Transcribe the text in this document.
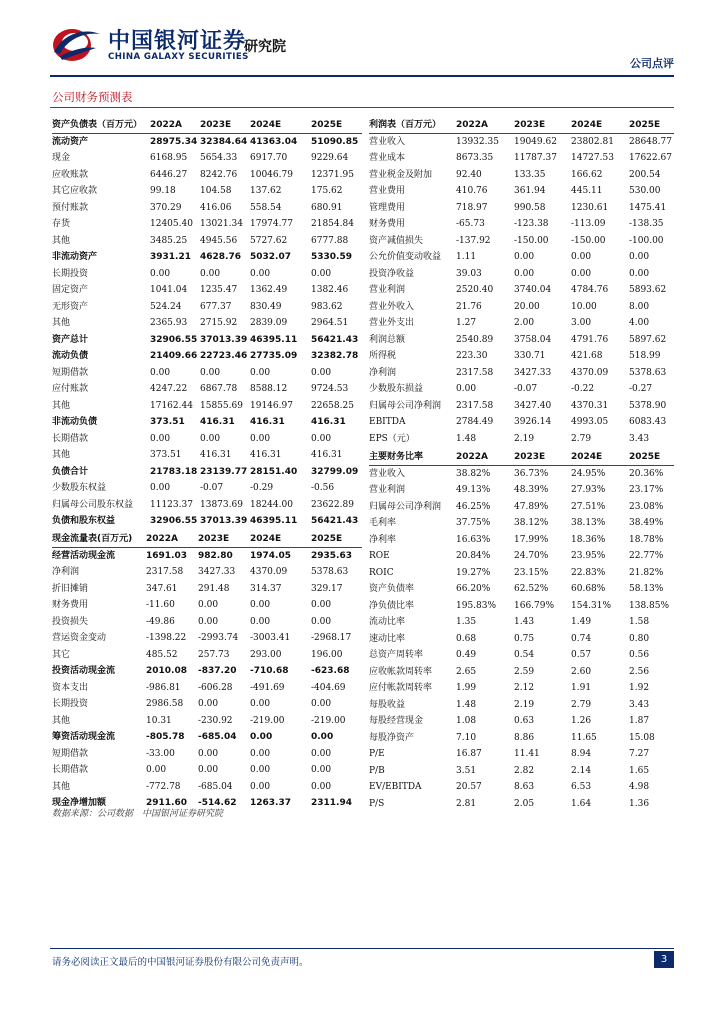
中国银河证券
CHINA GALAXY SECURITIES
研究院
公司点评
公司财务预测表
资产负债表（百万元） 2022A 2023E 2024E	2025E
流动资产	28975.34 32384.64 41363.04 51090.85
现金	6168.95 5654.33 6917.70	9229.64
应收账款	6446.27 8242.76 10046.79 12371.95
其它应收款	99.18	104.58 137.62	175.62
预付账款	370.29 416.06 558.54	680.91
存货	12405.40 13021.34 17974.77 21854.84
其他	3485.25 4945.56 5727.62	6777.88
非流动资产	3931.21 4628.76 5032.07 5330.59
长期投资	0.00	0.00	0.00	0.00
固定资产	1041.04 1235.47 1362.49	1382.46
无形资产	524.24 677.37 830.49	983.62
其他	2365.93 2715.92 2839.09	2964.51
资产总计	32906.55 37013.39 46395.11 56421.43
流动负债	21409.66 22723.46 27735.09 32382.78
短期借款	0.00	0.00	0.00	0.00
应付账款	4247.22 6867.78 8588.12	9724.53
其他	17162.44 15855.69 19146.97 22658.25
非流动负债	373.51 416.31 416.31	416.31
长期借款	0.00	0.00	0.00	0.00
其他	373.51 416.31 416.31	416.31
负债合计	21783.18 23139.77 28151.40 32799.09
少数股东权益	0.00	-0.07	-0.29	-0.56
归属母公司股东权益 11123.37 13873.69 18244.00 23622.89
负债和股东权益	32906.55 37013.39 46395.11 56421.43
利润表（百万元） 2022A	2023E	2024E	2025E
营业收入	13932.35 19049.62 23802.81 28648.77
营业成本	8673.35 11787.37 14727.53 17622.67
营业税金及附加	92.40	133.35	166.62	200.54
营业费用	410.76	361.94	445.11	530.00
管理费用	718.97	990.58	1230.61 1475.41
财务费用	-65.73	-123.38 -113.09	-138.35
资产减值损失	-137.92	-150.00 -150.00	-100.00
公允价值变动收益 1.11	0.00	0.00	0.00
投资净收益	39.03	0.00	0.00	0.00
营业利润	2520.40 3740.04 4784.76 5893.62
营业外收入	21.76	20.00	10.00	8.00
营业外支出	1.27	2.00	3.00	4.00
利润总额	2540.89 3758.04 4791.76 5897.62
所得税	223.30	330.71	421.68	518.99
净利润	2317.58 3427.33 4370.09 5378.63
少数股东损益	0.00	-0.07	-0.22	-0.27
归属母公司净利润 2317.58 3427.40 4370.31 5378.90
EBITDA	2784.49 3926.14 4993.05 6083.43
EPS（元）	1.48	2.19	2.79	3.43
现金流量表(百万元) 2022A 2023E 2024E	2025E
经营活动现金流	1691.03 982.80 1974.05 2935.63
净利润	2317.58 3427.33 4370.09	5378.63
折旧摊销	347.61 291.48 314.37	329.17
财务费用	-11.60	0.00	0.00	0.00
投资损失	-49.86	0.00	0.00	0.00
营运资金变动	-1398.22 -2993.74 -3003.41 -2968.17
其它	485.52 257.73 293.00	196.00
投资活动现金流	2010.08 -837.20 -710.68	-623.68
资本支出	-986.81 -606.28 -491.69	-404.69
长期投资	2986.58 0.00	0.00	0.00
其他	10.31	-230.92 -219.00	-219.00
筹资活动现金流	-805.78 -685.04 0.00	0.00
短期借款	-33.00	0.00	0.00	0.00
长期借款	0.00	0.00	0.00	0.00
其他	-772.78 -685.04 0.00	0.00
现金净增加额	2911.60 -514.62 1263.37 2311.94
主要财务比率	2022A	2023E	2024E	2025E
营业收入	38.82%	36.73%	24.95%	20.36%
营业利润	49.13%	48.39%	27.93%	23.17%
归属母公司净利润 46.25%	47.89%	27.51%	23.08%
毛利率	37.75%	38.12%	38.13%	38.49%
净利率	16.63%	17.99%	18.36%	18.78%
ROE	20.84%	24.70%	23.95%	22.77%
ROIC	19.27%	23.15%	22.83%	21.82%
资产负债率	66.20%	62.52%	60.68%	58.13%
净负债比率	195.83% 166.79% 154.31% 138.85%
流动比率	1.35	1.43	1.49	1.58
速动比率	0.68	0.75	0.74	0.80
总资产周转率	0.49	0.54	0.57	0.56
应收帐款周转率	2.65	2.59	2.60	2.56
应付帐款周转率	1.99	2.12	1.91	1.92
每股收益	1.48	2.19	2.79	3.43
每股经营现金	1.08	0.63	1.26	1.87
每股净资产	7.10	8.86	11.65	15.08
P/E	16.87	11.41	8.94	7.27
P/B	3.51	2.82	2.14	1.65
EV/EBITDA	20.57	8.63	6.53	4.98
P/S	2.81	2.05	1.64	1.36
数据来源：公司数据　中国银河证券研究院
请务必阅读正文最后的中国银河证券股份有限公司免责声明。	3
